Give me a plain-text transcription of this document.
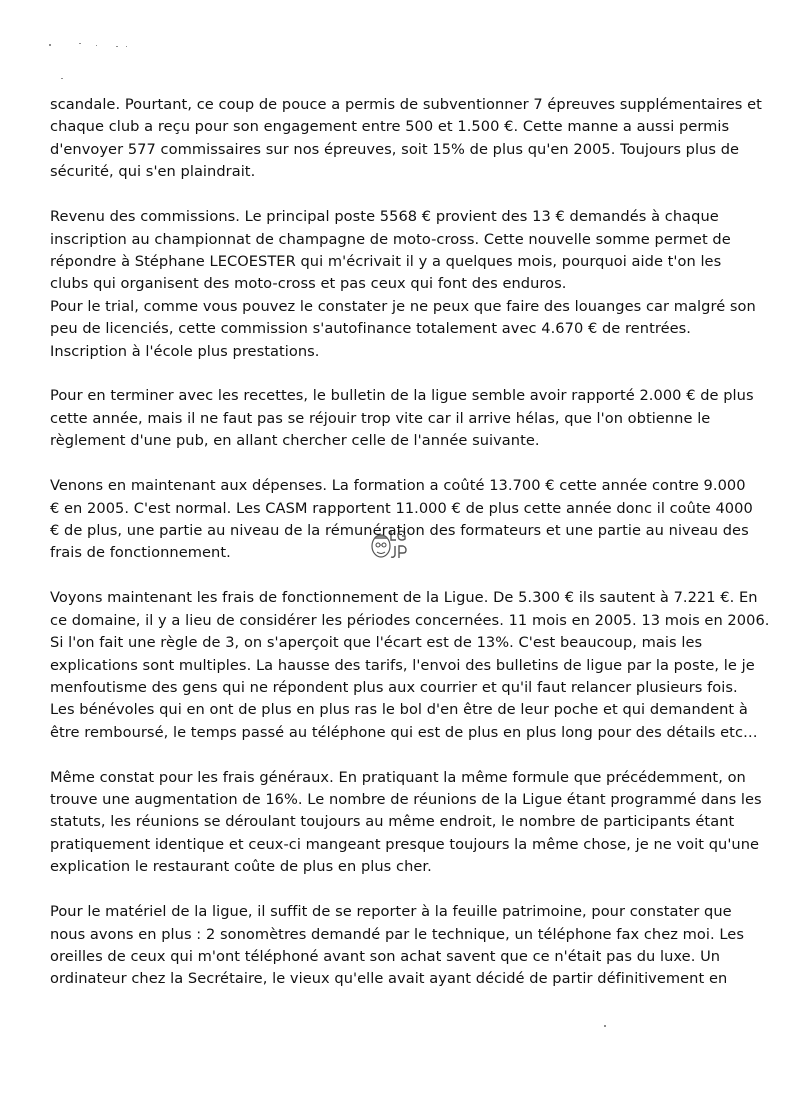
scandale. Pourtant, ce coup de pouce a permis de subventionner 7 épreuves supplémentaires et
chaque club a reçu pour son engagement entre 500 et 1.500 €. Cette manne a aussi permis
d'envoyer 577 commissaires sur nos épreuves, soit 15% de plus qu'en 2005. Toujours plus de
sécurité, qui s'en plaindrait.
Revenu des commissions. Le principal poste 5568 € provient des 13 € demandés à chaque
inscription au championnat de champagne de moto-cross. Cette nouvelle somme permet de
répondre à Stéphane LECOESTER qui m'écrivait il y a quelques mois, pourquoi aide t'on les
clubs qui organisent des moto-cross et pas ceux qui font des enduros.
Pour le trial, comme vous pouvez le constater je ne peux que faire des louanges car malgré son
peu de licenciés, cette commission s'autofinance totalement avec 4.670 € de rentrées.
Inscription à l'école plus prestations.
Pour en terminer avec les recettes, le bulletin de la ligue semble avoir rapporté 2.000 € de plus
cette année, mais il ne faut pas se réjouir trop vite car il arrive hélas, que l'on obtienne le
règlement d'une pub, en allant chercher celle de l'année suivante.
Venons en maintenant aux dépenses. La formation a coûté 13.700 € cette année contre 9.000
€ en 2005. C'est normal. Les CASM rapportent 11.000 € de plus cette année donc il coûte 4000
€ de plus, une partie au niveau de la rémunération des formateurs et une partie au niveau des
frais de fonctionnement.
Voyons maintenant les frais de fonctionnement de la Ligue. De 5.300 € ils sautent à 7.221 €. En
ce domaine, il y a lieu de considérer les périodes concernées. 11 mois en 2005. 13 mois en 2006.
Si l'on fait une règle de 3, on s'aperçoit que l'écart est de 13%. C'est beaucoup, mais les
explications sont multiples. La hausse des tarifs, l'envoi des bulletins de ligue par la poste, le je
menfoutisme des gens qui ne répondent plus aux courrier et qu'il faut relancer plusieurs fois.
Les bénévoles qui en ont de plus en plus ras le bol d'en être de leur poche et qui demandent à
être remboursé, le temps passé au téléphone qui est de plus en plus long pour des détails etc…
Même constat pour les frais généraux. En pratiquant la même formule que précédemment, on
trouve une augmentation de 16%. Le nombre de réunions de la Ligue étant programmé dans les
statuts, les réunions se déroulant toujours au même endroit, le nombre de participants étant
pratiquement identique et ceux-ci mangeant presque toujours la même chose, je ne voit qu'une
explication le restaurant coûte de plus en plus cher.
Pour le matériel de la ligue, il suffit de se reporter à la feuille patrimoine, pour constater que
nous avons en plus : 2 sonomètres demandé par le technique, un téléphone fax chez moi. Les
oreilles de ceux qui m'ont téléphoné avant son achat savent que ce n'était pas du luxe. Un
ordinateur chez la Secrétaire, le vieux qu'elle avait ayant décidé de partir définitivement en
